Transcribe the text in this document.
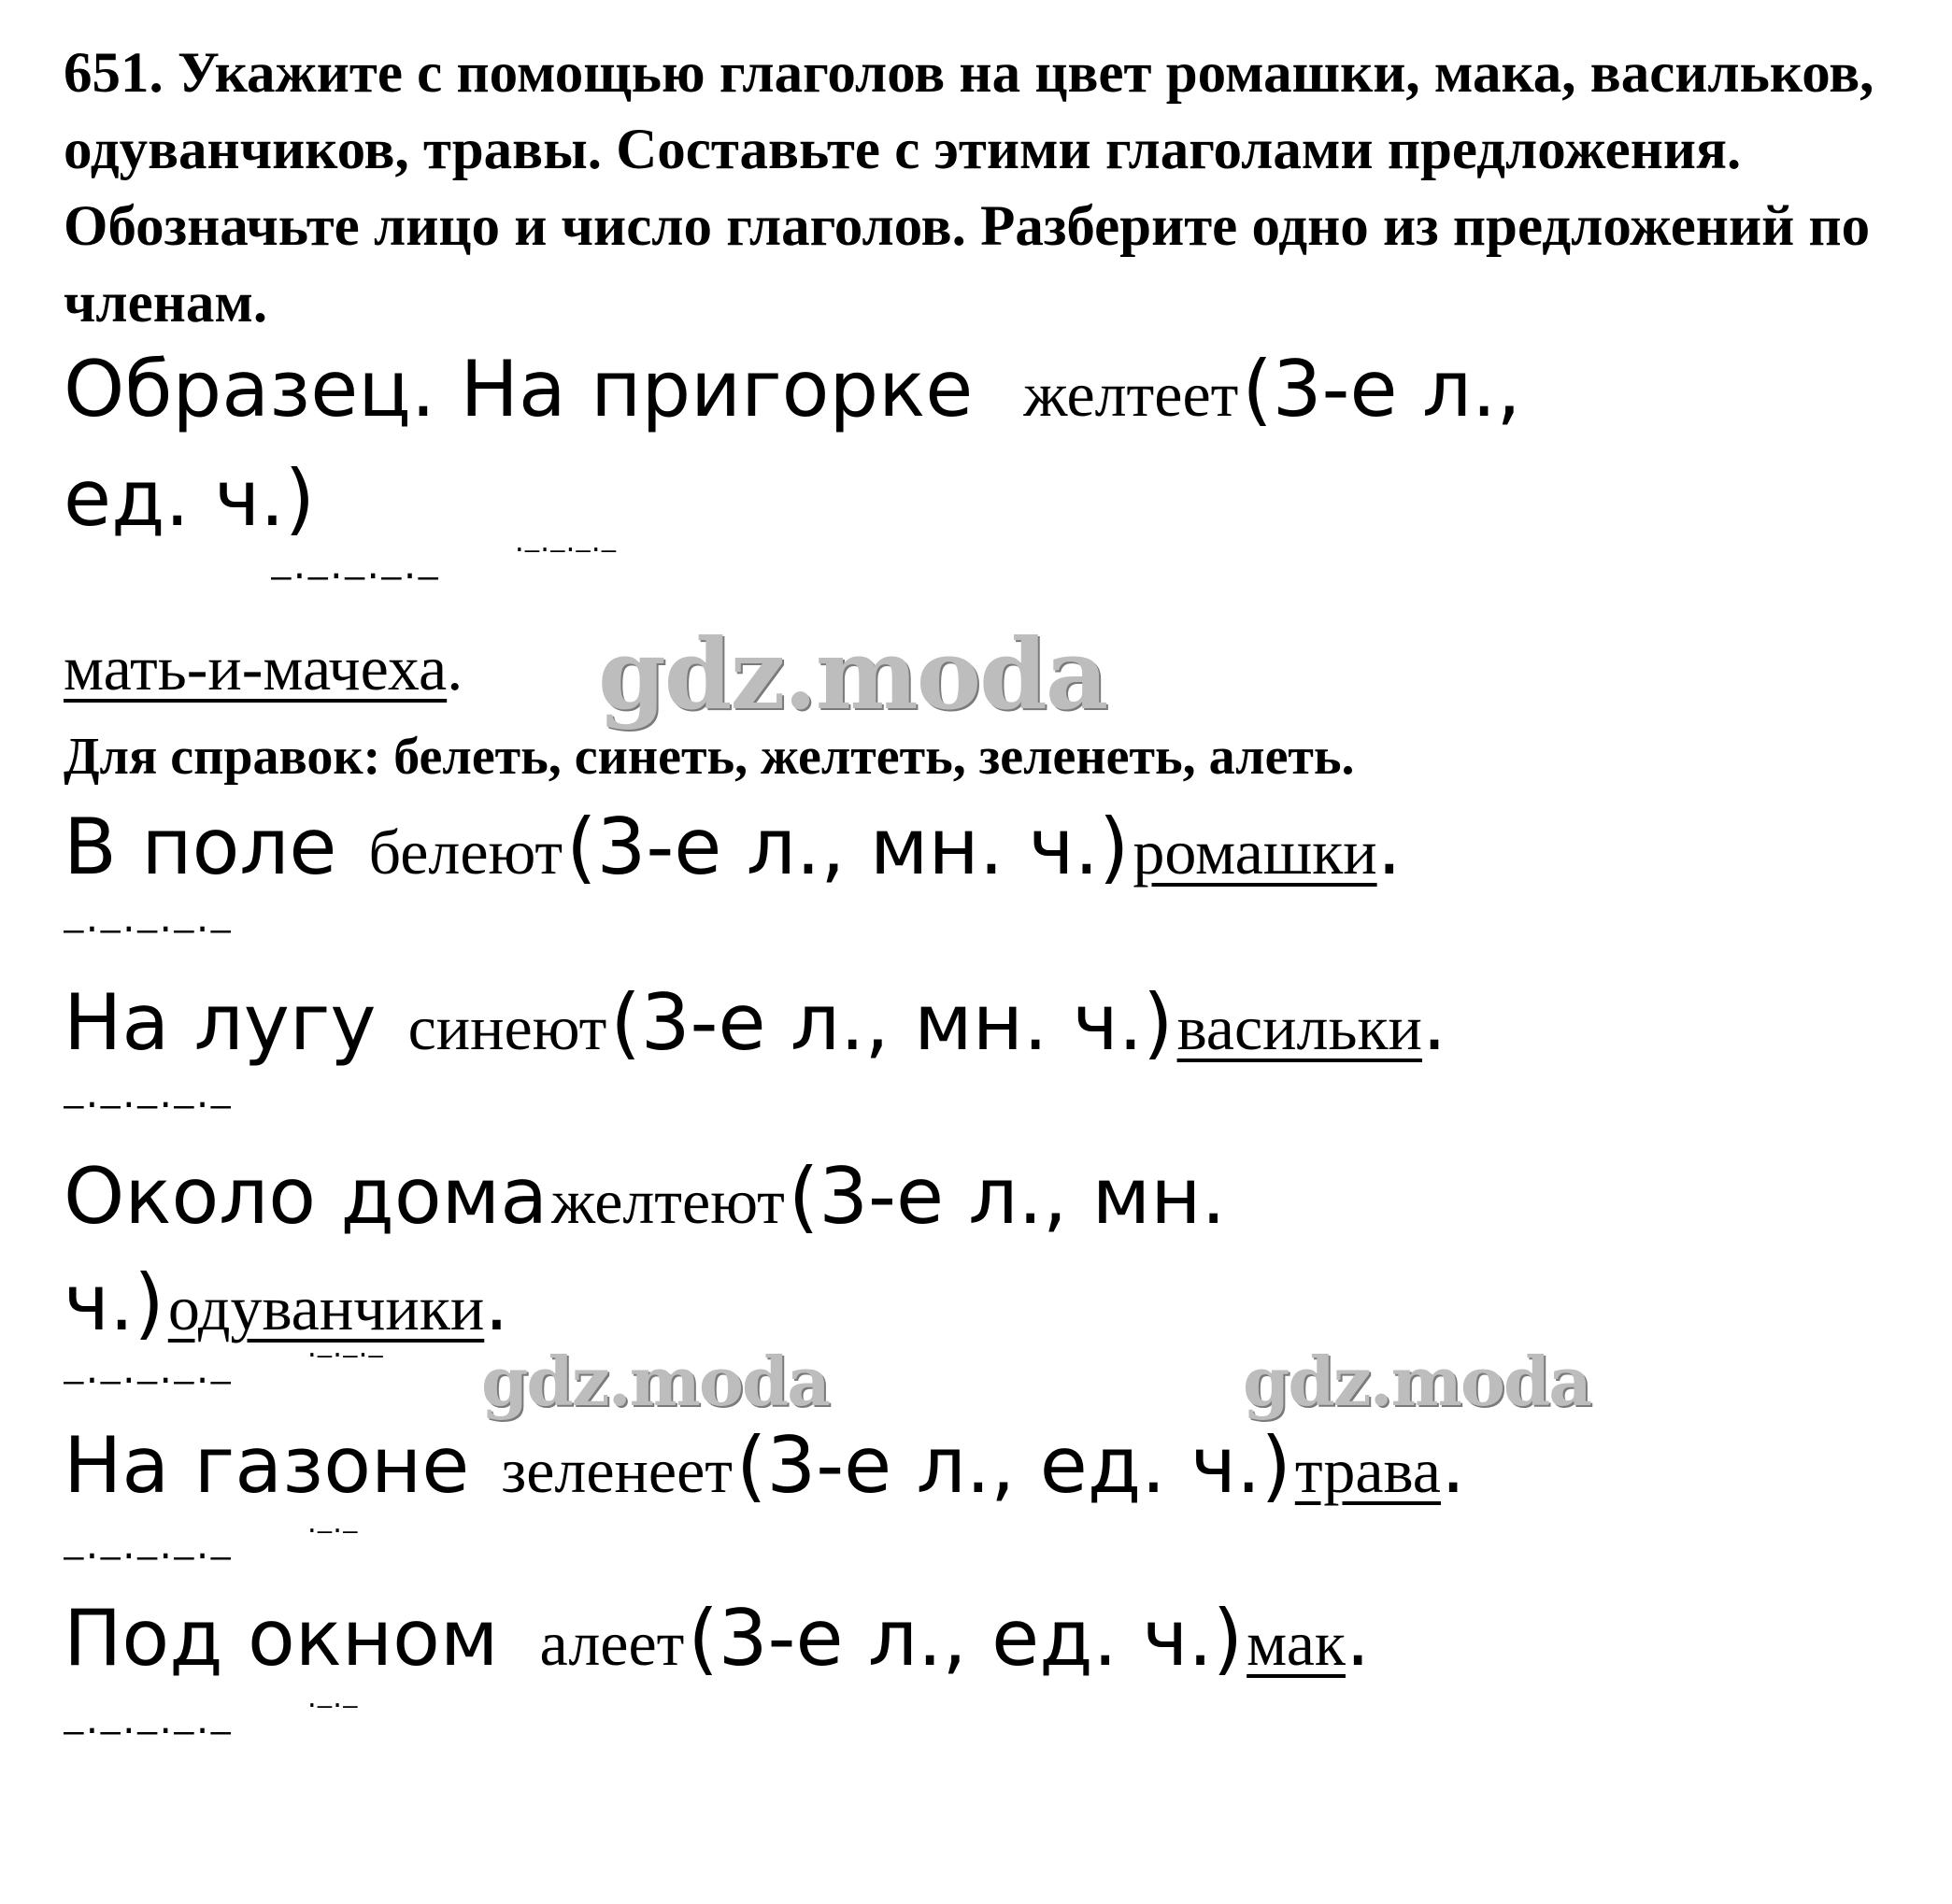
651. Укажите с помощью глаголов на цвет ромашки, мака, васильков, одуванчиков, травы. Составьте с этими глаголами предложения. Обозначьте лицо и число глаголов. Разберите одно из предложений по членам.

Образец. На пригорке желтеет (3-е л.,
ед. ч.)
–·–·–·–·–
·–·–·–·–
мать-и-мачеха. gdz.moda
Для справок: белеть, синеть, желтеть, зеленеть, алеть.
В поле белеют (3-е л., мн. ч.) ромашки.
–·–·–·–·–
На лугу синеют (3-е л., мн. ч.) васильки.
–·–·–·–·–
Около дома желтеют (3-е л., мн.
ч.) одуванчики.
–·–·–·–·–
·–·–·– gdz.moda	gdz.moda
На газоне зеленеет (3-е л., ед. ч.) трава.
–·–·–·–·–
·–·–
Под окном алеет (3-е л., ед. ч.) мак.
–·–·–·–·–
·–·–
